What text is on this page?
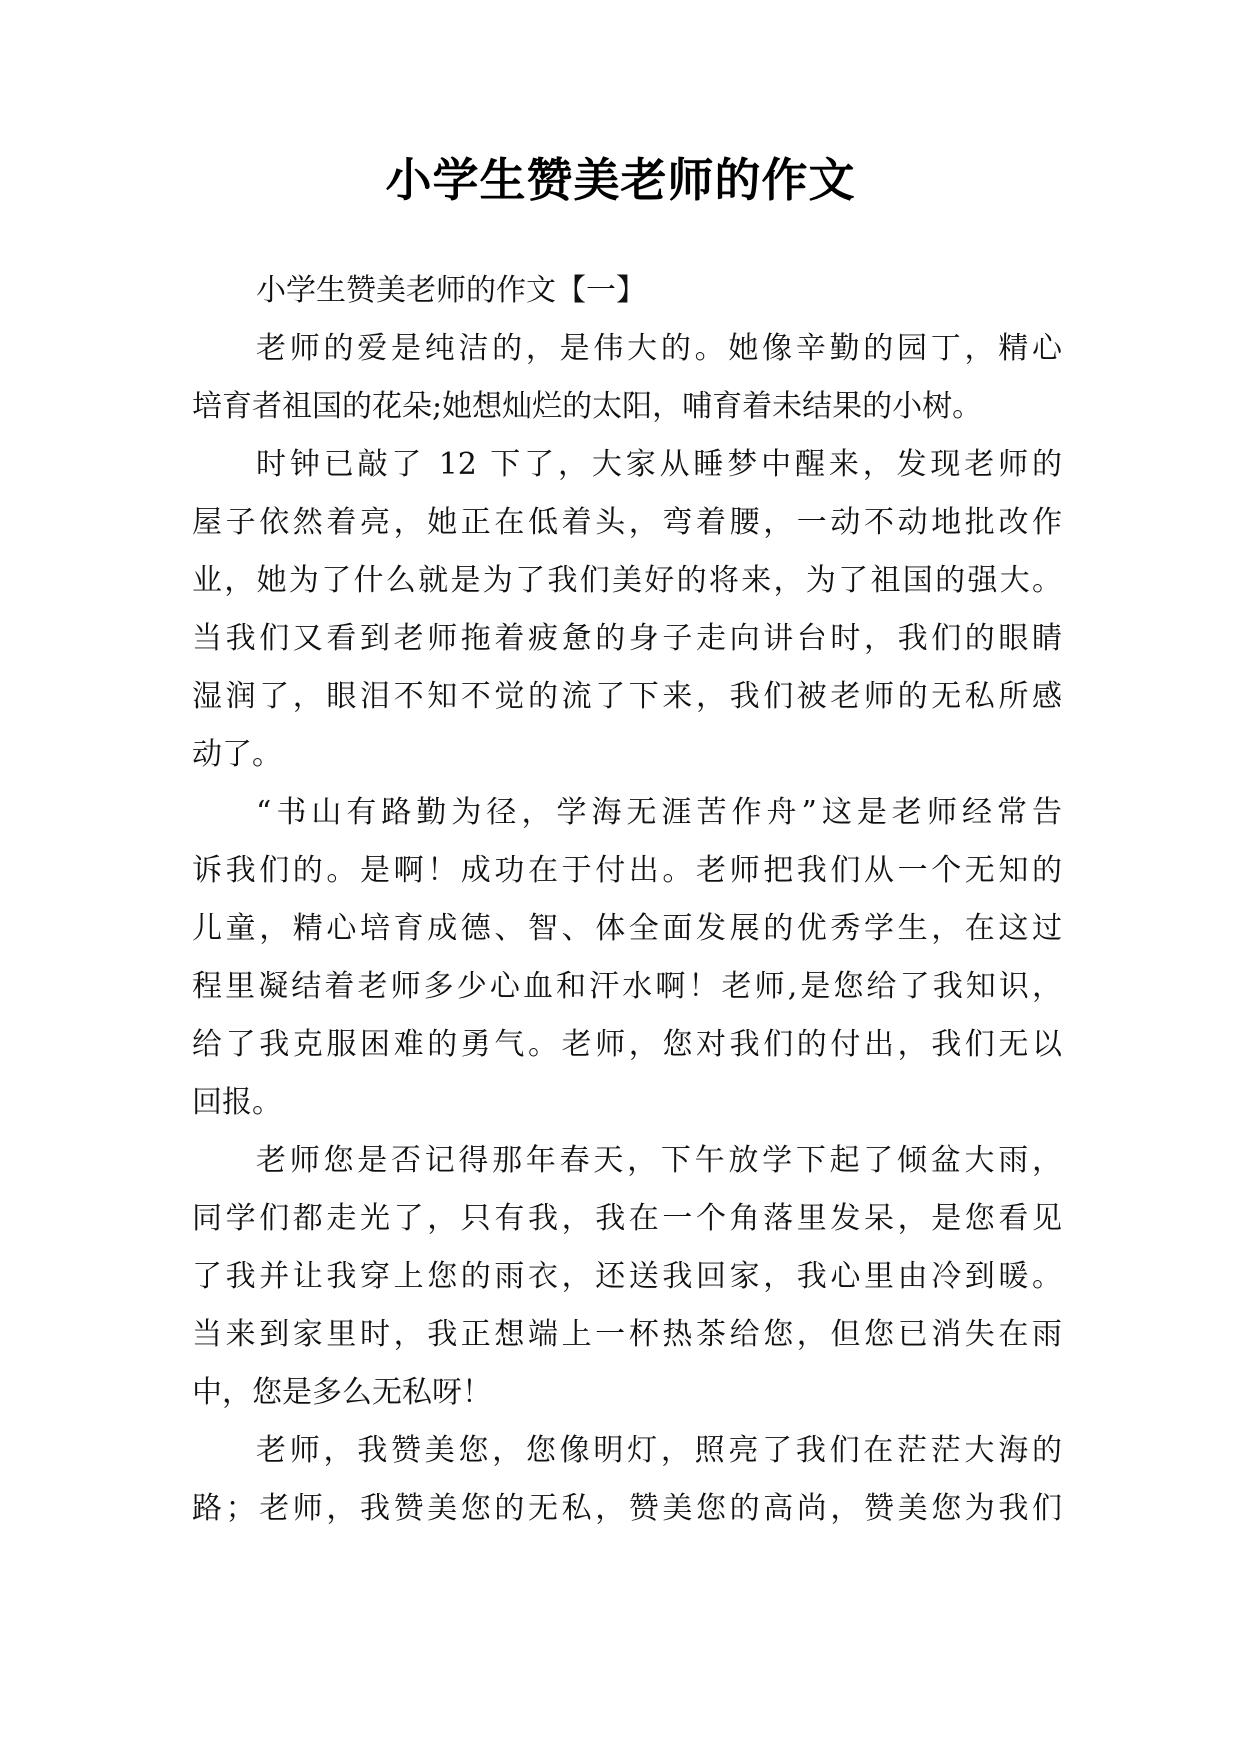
小学生赞美老师的作文
小学生赞美老师的作文【一】
老师的爱是纯洁的，是伟大的。她像辛勤的园丁，精心
培育者祖国的花朵;她想灿烂的太阳，哺育着未结果的小树。
时钟已敲了 12 下了，大家从睡梦中醒来，发现老师的
屋子依然着亮，她正在低着头，弯着腰，一动不动地批改作
业，她为了什么就是为了我们美好的将来，为了祖国的强大。
当我们又看到老师拖着疲惫的身子走向讲台时，我们的眼睛
湿润了，眼泪不知不觉的流了下来，我们被老师的无私所感
动了。
“书山有路勤为径，学海无涯苦作舟”这是老师经常告
诉我们的。是啊！成功在于付出。老师把我们从一个无知的
儿童，精心培育成德、智、体全面发展的优秀学生，在这过
程里凝结着老师多少心血和汗水啊！老师,是您给了我知识，
给了我克服困难的勇气。老师，您对我们的付出，我们无以
回报。
老师您是否记得那年春天，下午放学下起了倾盆大雨，
同学们都走光了，只有我，我在一个角落里发呆，是您看见
了我并让我穿上您的雨衣，还送我回家，我心里由冷到暖。
当来到家里时，我正想端上一杯热茶给您，但您已消失在雨
中，您是多么无私呀！
老师，我赞美您，您像明灯，照亮了我们在茫茫大海的
路；老师，我赞美您的无私，赞美您的高尚，赞美您为我们
